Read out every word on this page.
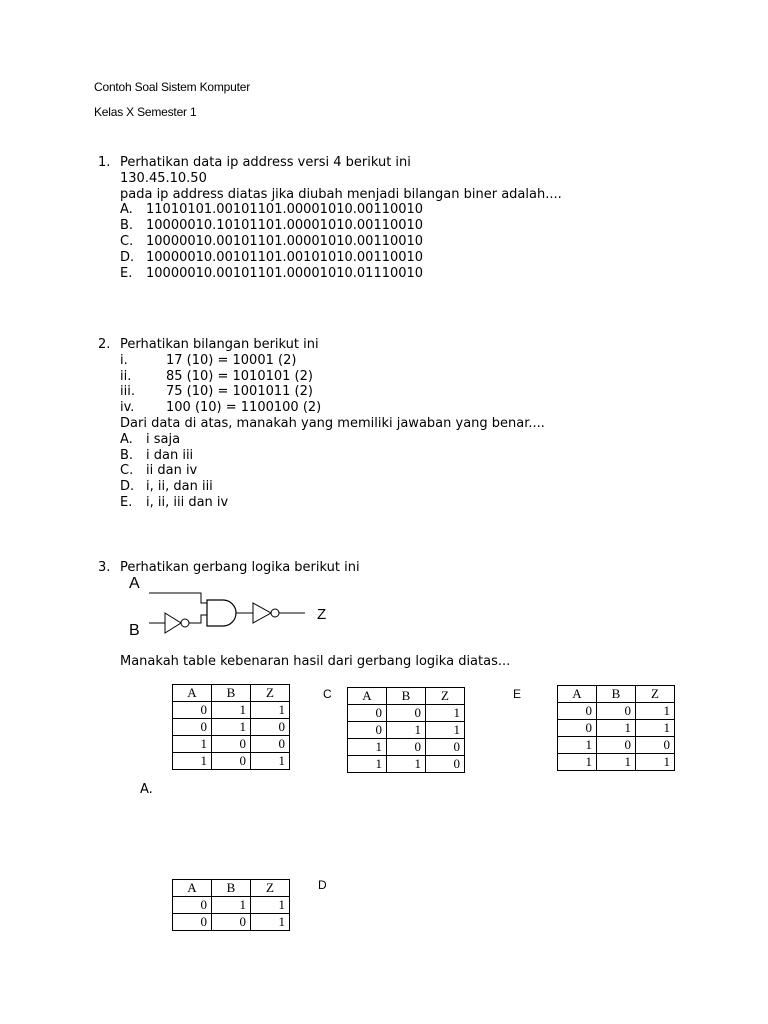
Contoh Soal Sistem Komputer
Kelas X Semester 1
1. Perhatikan data ip address versi 4 berikut ini
130.45.10.50
pada ip address diatas jika diubah menjadi bilangan biner adalah....
A. 11010101.00101101.00001010.00110010
B. 10000010.10101101.00001010.00110010
C. 10000010.00101101.00001010.00110010
D. 10000010.00101101.00101010.00110010
E. 10000010.00101101.00001010.01110010
2. Perhatikan bilangan berikut ini
i.	17 (10) = 10001 (2)
ii.	85 (10) = 1010101 (2)
iii. 75 (10) = 1001011 (2)
iv. 100 (10) = 1100100 (2)
Dari data di atas, manakah yang memiliki jawaban yang benar....
A. i saja
B. i dan iii
C. ii dan iv
D. i, ii, dan iii
E. i, ii, iii dan iv
3. Perhatikan gerbang logika berikut ini
A
B
Z
Manakah table kebenaran hasil dari gerbang logika diatas...
A	B	Z
0	1	1
0	1	0
1	0	0
1	0	1
A.
C A	B	Z
0	0	1
0	1	1
1	0	0
1	1	0
E	A	B	Z
0	0	1
0	1	1
1	0	0
1	1	1
A	B	Z
0	1	1
0	0	1
D
